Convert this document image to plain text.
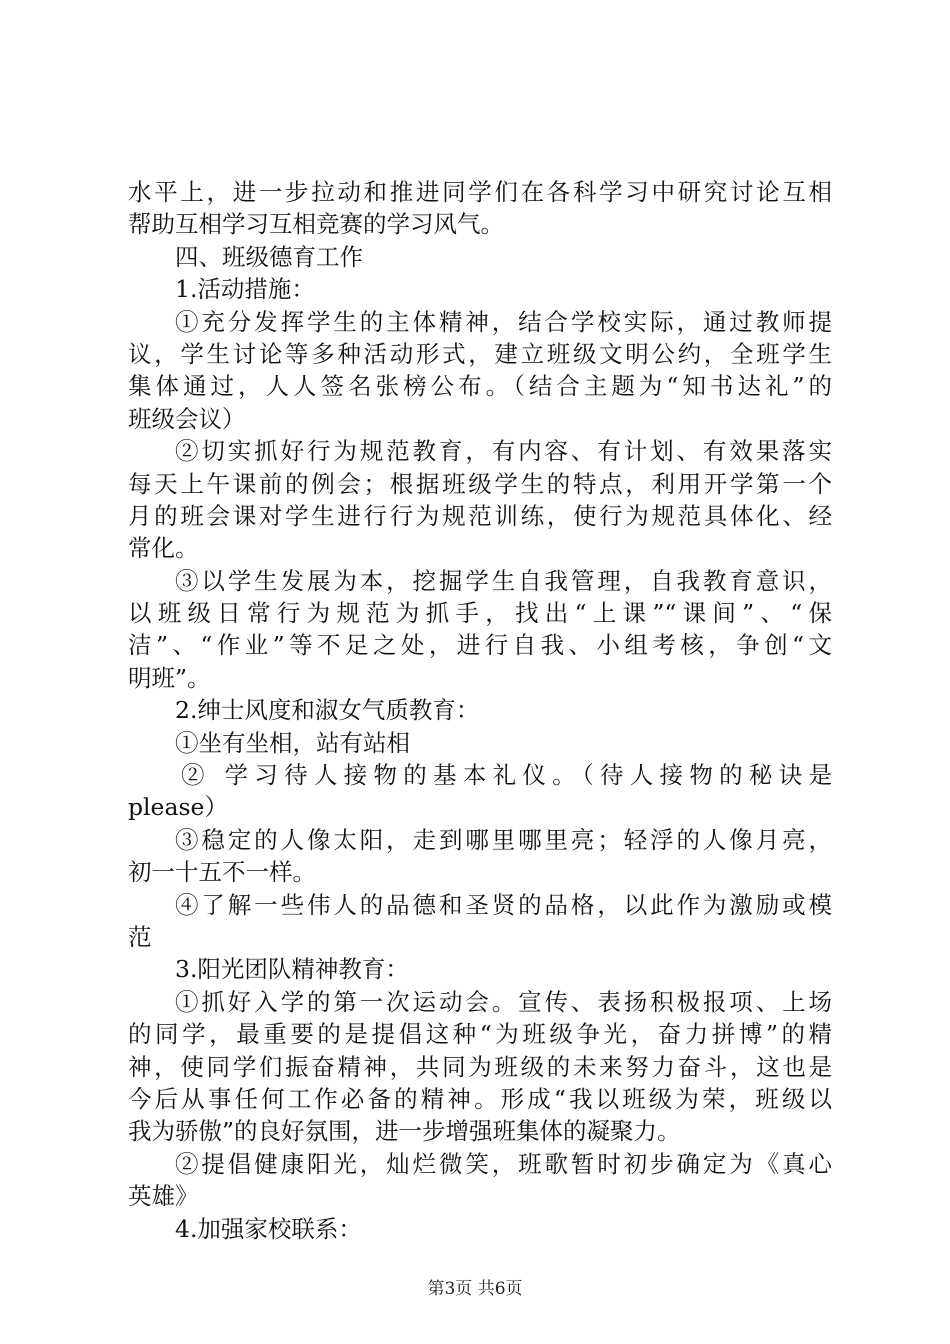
水平上，进一步拉动和推进同学们在各科学习中研究讨论互相
帮助互相学习互相竞赛的学习风气。
四、班级德育工作
1.活动措施：
①充分发挥学生的主体精神，结合学校实际，通过教师提
议，学生讨论等多种活动形式，建立班级文明公约，全班学生
集体通过，人人签名张榜公布。（结合主题为“知书达礼”的
班级会议）
②切实抓好行为规范教育，有内容、有计划、有效果落实
每天上午课前的例会；根据班级学生的特点，利用开学第一个
月的班会课对学生进行行为规范训练，使行为规范具体化、经
常化。
③以学生发展为本，挖掘学生自我管理，自我教育意识，
以班级日常行为规范为抓手，找出“上课”“课间”、“保
洁”、“作业”等不足之处，进行自我、小组考核，争创“文
明班”。
2.绅士风度和淑女气质教育：
①坐有坐相，站有站相
② 学习待人接物的基本礼仪。（待人接物的秘诀是
please）
③稳定的人像太阳，走到哪里哪里亮；轻浮的人像月亮，
初一十五不一样。
④了解一些伟人的品德和圣贤的品格，以此作为激励或模
范
3.阳光团队精神教育：
①抓好入学的第一次运动会。宣传、表扬积极报项、上场
的同学，最重要的是提倡这种“为班级争光，奋力拼博”的精
神，使同学们振奋精神，共同为班级的未来努力奋斗，这也是
今后从事任何工作必备的精神。形成“我以班级为荣，班级以
我为骄傲”的良好氛围，进一步增强班集体的凝聚力。
②提倡健康阳光，灿烂微笑，班歌暂时初步确定为《真心
英雄》
4.加强家校联系：
第3页 共6页
